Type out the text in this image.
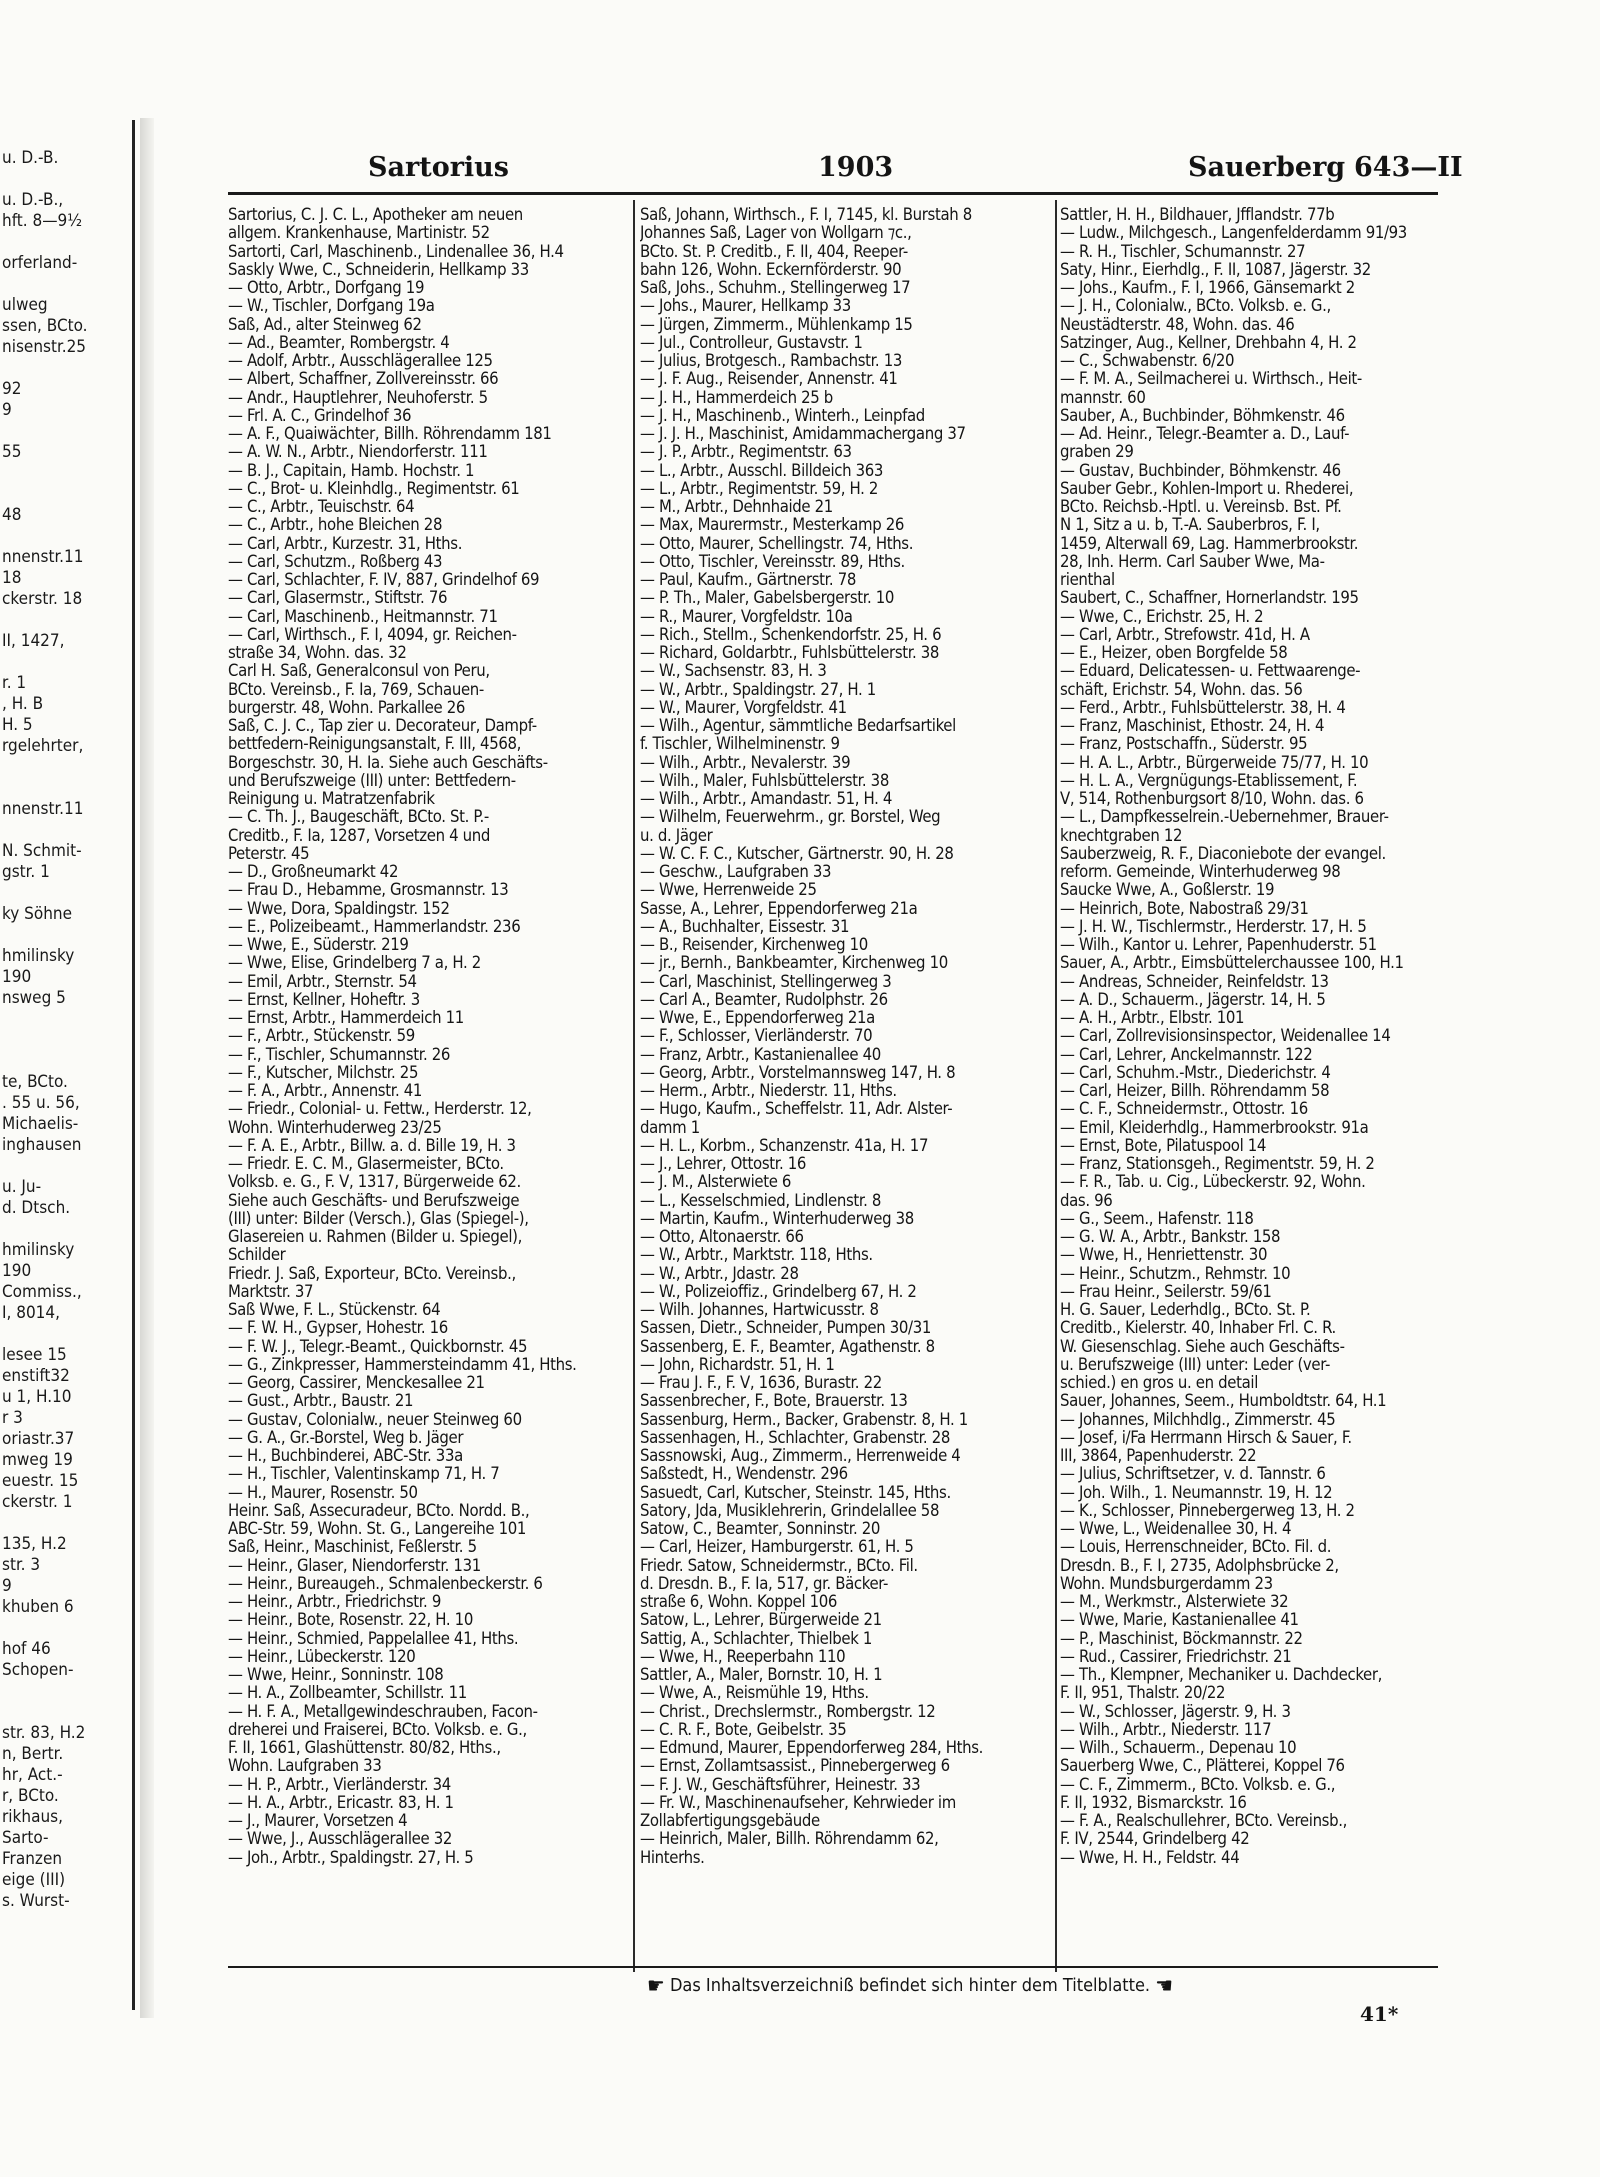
u. D.-B.
u. D.-B.,
hft. 8—9½
orferland-
ulweg
ssen, BCto.
nisenstr.25
92
9
55
48
nnenstr.11
18
ckerstr. 18
II, 1427,
r. 1
, H. B
H. 5
rgelehrter,
nnenstr.11
N. Schmit-
gstr. 1
ky Söhne
hmilinsky
190
nsweg 5
te, BCto.
. 55 u. 56,
Michaelis-
inghausen
u. Ju-
d. Dtsch.
hmilinsky
190
Commiss.,
I, 8014,
lesee 15
enstift32
u 1, H.10
r 3
oriastr.37
mweg 19
euestr. 15
ckerstr. 1
135, H.2
str. 3
9
khuben 6
hof 46
Schopen-
str. 83, H.2
n, Bertr.
hr, Act.-
r, BCto.
rikhaus,
Sarto-
Franzen
eige (III)
s. Wurst-
Sartorius	1903	Sauerberg 643—II
Sartorius, C. J. C. L., Apotheker am neuen
allgem. Krankenhause, Martinistr. 52
Sartorti, Carl, Maschinenb., Lindenallee 36, H.4
Saskly Wwe, C., Schneiderin, Hellkamp 33
— Otto, Arbtr., Dorfgang 19
— W., Tischler, Dorfgang 19a
Saß, Ad., alter Steinweg 62
— Ad., Beamter, Rombergstr. 4
— Adolf, Arbtr., Ausschlägerallee 125
— Albert, Schaffner, Zollvereinsstr. 66
— Andr., Hauptlehrer, Neuhoferstr. 5
— Frl. A. C., Grindelhof 36
— A. F., Quaiwächter, Billh. Röhrendamm 181
— A. W. N., Arbtr., Niendorferstr. 111
— B. J., Capitain, Hamb. Hochstr. 1
— C., Brot- u. Kleinhdlg., Regimentstr. 61
— C., Arbtr., Teuischstr. 64
— C., Arbtr., hohe Bleichen 28
— Carl, Arbtr., Kurzestr. 31, Hths.
— Carl, Schutzm., Roßberg 43
— Carl, Schlachter, F. IV, 887, Grindelhof 69
— Carl, Glasermstr., Stiftstr. 76
— Carl, Maschinenb., Heitmannstr. 71
— Carl, Wirthsch., F. I, 4094, gr. Reichen-
straße 34, Wohn. das. 32
Carl H. Saß, Generalconsul von Peru,
BCto. Vereinsb., F. Ia, 769, Schauen-
burgerstr. 48, Wohn. Parkallee 26
Saß, C. J. C., Tap zier u. Decorateur, Dampf-
bettfedern-Reinigungsanstalt, F. III, 4568,
Borgeschstr. 30, H. Ia. Siehe auch Geschäfts-
und Berufszweige (III) unter: Bettfedern-
Reinigung u. Matratzenfabrik
— C. Th. J., Baugeschäft, BCto. St. P.-
Creditb., F. Ia, 1287, Vorsetzen 4 und
Peterstr. 45
— D., Großneumarkt 42
— Frau D., Hebamme, Grosmannstr. 13
— Wwe, Dora, Spaldingstr. 152
— E., Polizeibeamt., Hammerlandstr. 236
— Wwe, E., Süderstr. 219
— Wwe, Elise, Grindelberg 7 a, H. 2
— Emil, Arbtr., Sternstr. 54
— Ernst, Kellner, Hoheftr. 3
— Ernst, Arbtr., Hammerdeich 11
— F., Arbtr., Stückenstr. 59
— F., Tischler, Schumannstr. 26
— F., Kutscher, Milchstr. 25
— F. A., Arbtr., Annenstr. 41
— Friedr., Colonial- u. Fettw., Herderstr. 12,
Wohn. Winterhuderweg 23/25
— F. A. E., Arbtr., Billw. a. d. Bille 19, H. 3
— Friedr. E. C. M., Glasermeister, BCto.
Volksb. e. G., F. V, 1317, Bürgerweide 62.
Siehe auch Geschäfts- und Berufszweige
(III) unter: Bilder (Versch.), Glas (Spiegel-),
Glasereien u. Rahmen (Bilder u. Spiegel),
Schilder
Friedr. J. Saß, Exporteur, BCto. Vereinsb.,
Marktstr. 37
Saß Wwe, F. L., Stückenstr. 64
— F. W. H., Gypser, Hohestr. 16
— F. W. J., Telegr.-Beamt., Quickbornstr. 45
— G., Zinkpresser, Hammersteindamm 41, Hths.
— Georg, Cassirer, Menckesallee 21
— Gust., Arbtr., Baustr. 21
— Gustav, Colonialw., neuer Steinweg 60
— G. A., Gr.-Borstel, Weg b. Jäger
— H., Buchbinderei, ABC-Str. 33a
— H., Tischler, Valentinskamp 71, H. 7
— H., Maurer, Rosenstr. 50
Heinr. Saß, Assecuradeur, BCto. Nordd. B.,
ABC-Str. 59, Wohn. St. G., Langereihe 101
Saß, Heinr., Maschinist, Feßlerstr. 5
— Heinr., Glaser, Niendorferstr. 131
— Heinr., Bureaugeh., Schmalenbeckerstr. 6
— Heinr., Arbtr., Friedrichstr. 9
— Heinr., Bote, Rosenstr. 22, H. 10
— Heinr., Schmied, Pappelallee 41, Hths.
— Heinr., Lübeckerstr. 120
— Wwe, Heinr., Sonninstr. 108
— H. A., Zollbeamter, Schillstr. 11
— H. F. A., Metallgewindeschrauben, Facon-
dreherei und Fraiserei, BCto. Volksb. e. G.,
F. II, 1661, Glashüttenstr. 80/82, Hths.,
Wohn. Laufgraben 33
— H. P., Arbtr., Vierländerstr. 34
— H. A., Arbtr., Ericastr. 83, H. 1
— J., Maurer, Vorsetzen 4
— Wwe, J., Ausschlägerallee 32
— Joh., Arbtr., Spaldingstr. 27, H. 5
Saß, Johann, Wirthsch., F. I, 7145, kl. Burstah 8
Johannes Saß, Lager von Wollgarn ⁊c.,
BCto. St. P. Creditb., F. II, 404, Reeper-
bahn 126, Wohn. Eckernförderstr. 90
Saß, Johs., Schuhm., Stellingerweg 17
— Johs., Maurer, Hellkamp 33
— Jürgen, Zimmerm., Mühlenkamp 15
— Jul., Controlleur, Gustavstr. 1
— Julius, Brotgesch., Rambachstr. 13
— J. F. Aug., Reisender, Annenstr. 41
— J. H., Hammerdeich 25 b
— J. H., Maschinenb., Winterh., Leinpfad
— J. J. H., Maschinist, Amidammachergang 37
— J. P., Arbtr., Regimentstr. 63
— L., Arbtr., Ausschl. Billdeich 363
— L., Arbtr., Regimentstr. 59, H. 2
— M., Arbtr., Dehnhaide 21
— Max, Maurermstr., Mesterkamp 26
— Otto, Maurer, Schellingstr. 74, Hths.
— Otto, Tischler, Vereinsstr. 89, Hths.
— Paul, Kaufm., Gärtnerstr. 78
— P. Th., Maler, Gabelsbergerstr. 10
— R., Maurer, Vorgfeldstr. 10a
— Rich., Stellm., Schenkendorfstr. 25, H. 6
— Richard, Goldarbtr., Fuhlsbüttelerstr. 38
— W., Sachsenstr. 83, H. 3
— W., Arbtr., Spaldingstr. 27, H. 1
— W., Maurer, Vorgfeldstr. 41
— Wilh., Agentur, sämmtliche Bedarfsartikel
f. Tischler, Wilhelminenstr. 9
— Wilh., Arbtr., Nevalerstr. 39
— Wilh., Maler, Fuhlsbüttelerstr. 38
— Wilh., Arbtr., Amandastr. 51, H. 4
— Wilhelm, Feuerwehrm., gr. Borstel, Weg
u. d. Jäger
— W. C. F. C., Kutscher, Gärtnerstr. 90, H. 28
— Geschw., Laufgraben 33
— Wwe, Herrenweide 25
Sasse, A., Lehrer, Eppendorferweg 21a
— A., Buchhalter, Eissestr. 31
— B., Reisender, Kirchenweg 10
— jr., Bernh., Bankbeamter, Kirchenweg 10
— Carl, Maschinist, Stellingerweg 3
— Carl A., Beamter, Rudolphstr. 26
— Wwe, E., Eppendorferweg 21a
— F., Schlosser, Vierländerstr. 70
— Franz, Arbtr., Kastanienallee 40
— Georg, Arbtr., Vorstelmannsweg 147, H. 8
— Herm., Arbtr., Niederstr. 11, Hths.
— Hugo, Kaufm., Scheffelstr. 11, Adr. Alster-
damm 1
— H. L., Korbm., Schanzenstr. 41a, H. 17
— J., Lehrer, Ottostr. 16
— J. M., Alsterwiete 6
— L., Kesselschmied, Lindlenstr. 8
— Martin, Kaufm., Winterhuderweg 38
— Otto, Altonaerstr. 66
— W., Arbtr., Marktstr. 118, Hths.
— W., Arbtr., Jdastr. 28
— W., Polizeioffiz., Grindelberg 67, H. 2
— Wilh. Johannes, Hartwicusstr. 8
Sassen, Dietr., Schneider, Pumpen 30/31
Sassenberg, E. F., Beamter, Agathenstr. 8
— John, Richardstr. 51, H. 1
— Frau J. F., F. V, 1636, Burastr. 22
Sassenbrecher, F., Bote, Brauerstr. 13
Sassenburg, Herm., Backer, Grabenstr. 8, H. 1
Sassenhagen, H., Schlachter, Grabenstr. 28
Sassnowski, Aug., Zimmerm., Herrenweide 4
Saßstedt, H., Wendenstr. 296
Sasuedt, Carl, Kutscher, Steinstr. 145, Hths.
Satory, Jda, Musiklehrerin, Grindelallee 58
Satow, C., Beamter, Sonninstr. 20
— Carl, Heizer, Hamburgerstr. 61, H. 5
Friedr. Satow, Schneidermstr., BCto. Fil.
d. Dresdn. B., F. Ia, 517, gr. Bäcker-
straße 6, Wohn. Koppel 106
Satow, L., Lehrer, Bürgerweide 21
Sattig, A., Schlachter, Thielbek 1
— Wwe, H., Reeperbahn 110
Sattler, A., Maler, Bornstr. 10, H. 1
— Wwe, A., Reismühle 19, Hths.
— Christ., Drechslermstr., Rombergstr. 12
— C. R. F., Bote, Geibelstr. 35
— Edmund, Maurer, Eppendorferweg 284, Hths.
— Ernst, Zollamtsassist., Pinnebergerweg 6
— F. J. W., Geschäftsführer, Heinestr. 33
— Fr. W., Maschinenaufseher, Kehrwieder im
Zollabfertigungsgebäude
— Heinrich, Maler, Billh. Röhrendamm 62,
Hinterhs.
Sattler, H. H., Bildhauer, Jfflandstr. 77b
— Ludw., Milchgesch., Langenfelderdamm 91/93
— R. H., Tischler, Schumannstr. 27
Saty, Hinr., Eierhdlg., F. II, 1087, Jägerstr. 32
— Johs., Kaufm., F. I, 1966, Gänsemarkt 2
— J. H., Colonialw., BCto. Volksb. e. G.,
Neustädterstr. 48, Wohn. das. 46
Satzinger, Aug., Kellner, Drehbahn 4, H. 2
— C., Schwabenstr. 6/20
— F. M. A., Seilmacherei u. Wirthsch., Heit-
mannstr. 60
Sauber, A., Buchbinder, Böhmkenstr. 46
— Ad. Heinr., Telegr.-Beamter a. D., Lauf-
graben 29
— Gustav, Buchbinder, Böhmkenstr. 46
Sauber Gebr., Kohlen-Import u. Rhederei,
BCto. Reichsb.-Hptl. u. Vereinsb. Bst. Pf.
N 1, Sitz a u. b, T.-A. Sauberbros, F. I,
1459, Alterwall 69, Lag. Hammerbrookstr.
28, Inh. Herm. Carl Sauber Wwe, Ma-
rienthal
Saubert, C., Schaffner, Hornerlandstr. 195
— Wwe, C., Erichstr. 25, H. 2
— Carl, Arbtr., Strefowstr. 41d, H. A
— E., Heizer, oben Borgfelde 58
— Eduard, Delicatessen- u. Fettwaarenge-
schäft, Erichstr. 54, Wohn. das. 56
— Ferd., Arbtr., Fuhlsbüttelerstr. 38, H. 4
— Franz, Maschinist, Ethostr. 24, H. 4
— Franz, Postschaffn., Süderstr. 95
— H. A. L., Arbtr., Bürgerweide 75/77, H. 10
— H. L. A., Vergnügungs-Etablissement, F.
V, 514, Rothenburgsort 8/10, Wohn. das. 6
— L., Dampfkesselrein.-Uebernehmer, Brauer-
knechtgraben 12
Sauberzweig, R. F., Diaconiebote der evangel.
reform. Gemeinde, Winterhuderweg 98
Saucke Wwe, A., Goßlerstr. 19
— Heinrich, Bote, Nabostraß 29/31
— J. H. W., Tischlermstr., Herderstr. 17, H. 5
— Wilh., Kantor u. Lehrer, Papenhuderstr. 51
Sauer, A., Arbtr., Eimsbüttelerchaussee 100, H.1
— Andreas, Schneider, Reinfeldstr. 13
— A. D., Schauerm., Jägerstr. 14, H. 5
— A. H., Arbtr., Elbstr. 101
— Carl, Zollrevisionsinspector, Weidenallee 14
— Carl, Lehrer, Anckelmannstr. 122
— Carl, Schuhm.-Mstr., Diederichstr. 4
— Carl, Heizer, Billh. Röhrendamm 58
— C. F., Schneidermstr., Ottostr. 16
— Emil, Kleiderhdlg., Hammerbrookstr. 91a
— Ernst, Bote, Pilatuspool 14
— Franz, Stationsgeh., Regimentstr. 59, H. 2
— F. R., Tab. u. Cig., Lübeckerstr. 92, Wohn.
das. 96
— G., Seem., Hafenstr. 118
— G. W. A., Arbtr., Bankstr. 158
— Wwe, H., Henriettenstr. 30
— Heinr., Schutzm., Rehmstr. 10
— Frau Heinr., Seilerstr. 59/61
H. G. Sauer, Lederhdlg., BCto. St. P.
Creditb., Kielerstr. 40, Inhaber Frl. C. R.
W. Giesenschlag. Siehe auch Geschäfts-
u. Berufszweige (III) unter: Leder (ver-
schied.) en gros u. en detail
Sauer, Johannes, Seem., Humboldtstr. 64, H.1
— Johannes, Milchhdlg., Zimmerstr. 45
— Josef, i/Fa Herrmann Hirsch & Sauer, F.
III, 3864, Papenhuderstr. 22
— Julius, Schriftsetzer, v. d. Tannstr. 6
— Joh. Wilh., 1. Neumannstr. 19, H. 12
— K., Schlosser, Pinnebergerweg 13, H. 2
— Wwe, L., Weidenallee 30, H. 4
— Louis, Herrenschneider, BCto. Fil. d.
Dresdn. B., F. I, 2735, Adolphsbrücke 2,
Wohn. Mundsburgerdamm 23
— M., Werkmstr., Alsterwiete 32
— Wwe, Marie, Kastanienallee 41
— P., Maschinist, Böckmannstr. 22
— Rud., Cassirer, Friedrichstr. 21
— Th., Klempner, Mechaniker u. Dachdecker,
F. II, 951, Thalstr. 20/22
— W., Schlosser, Jägerstr. 9, H. 3
— Wilh., Arbtr., Niederstr. 117
— Wilh., Schauerm., Depenau 10
Sauerberg Wwe, C., Plätterei, Koppel 76
— C. F., Zimmerm., BCto. Volksb. e. G.,
F. II, 1932, Bismarckstr. 16
— F. A., Realschullehrer, BCto. Vereinsb.,
F. IV, 2544, Grindelberg 42
— Wwe, H. H., Feldstr. 44
☛ Das Inhaltsverzeichniß befindet sich hinter dem Titelblatte. ☚
41*
